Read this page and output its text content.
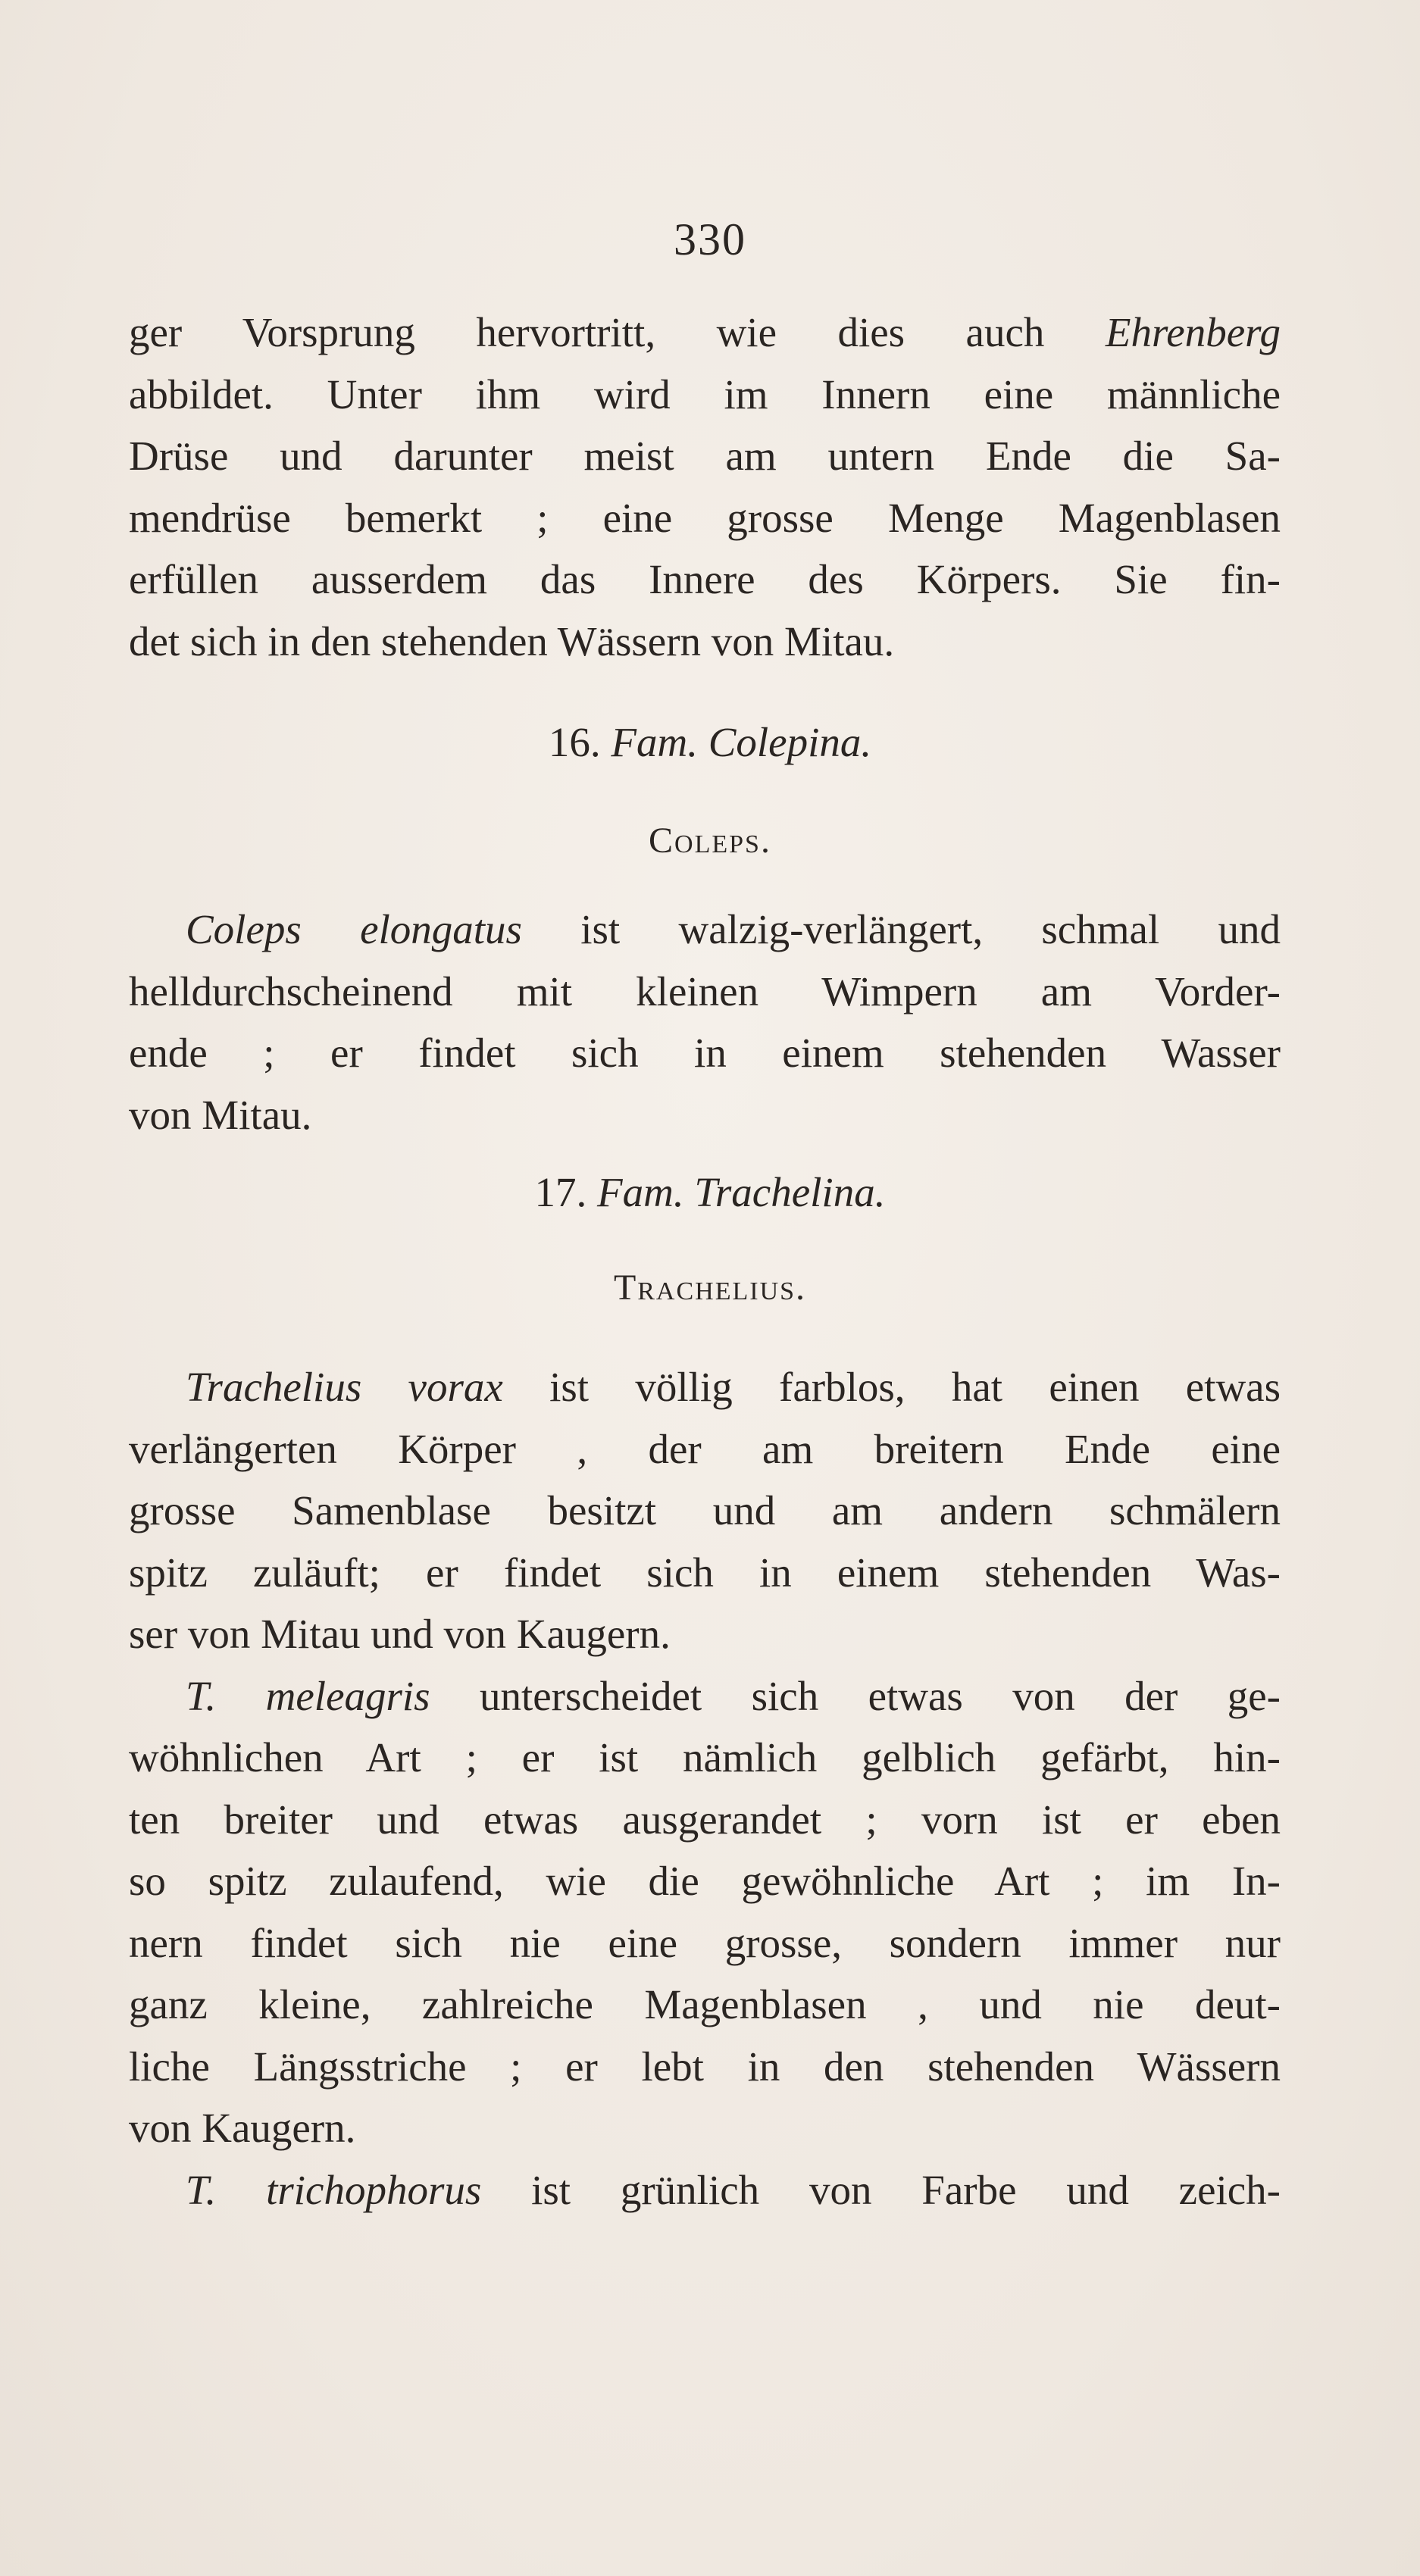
330
ger Vorsprung hervortritt, wie dies auch Ehrenberg
abbildet. Unter ihm wird im Innern eine männliche
Drüse und darunter meist am untern Ende die Sa-
mendrüse bemerkt ; eine grosse Menge Magenblasen
erfüllen ausserdem das Innere des Körpers. Sie fin-
det sich in den stehenden Wässern von Mitau.
16. Fam. Colepina.
Coleps.
Coleps elongatus ist walzig-verlängert, schmal und
helldurchscheinend mit kleinen Wimpern am Vorder-
ende ; er findet sich in einem stehenden Wasser
von Mitau.
17. Fam. Trachelina.
Trachelius.
Trachelius vorax ist völlig farblos, hat einen etwas
verlängerten Körper , der am breitern Ende eine
grosse Samenblase besitzt und am andern schmälern
spitz zuläuft; er findet sich in einem stehenden Was-
ser von Mitau und von Kaugern.
T. meleagris unterscheidet sich etwas von der ge-
wöhnlichen Art ; er ist nämlich gelblich gefärbt, hin-
ten breiter und etwas ausgerandet ; vorn ist er eben
so spitz zulaufend, wie die gewöhnliche Art ; im In-
nern findet sich nie eine grosse, sondern immer nur
ganz kleine, zahlreiche Magenblasen , und nie deut-
liche Längsstriche ; er lebt in den stehenden Wässern
von Kaugern.
T. trichophorus ist grünlich von Farbe und zeich-
